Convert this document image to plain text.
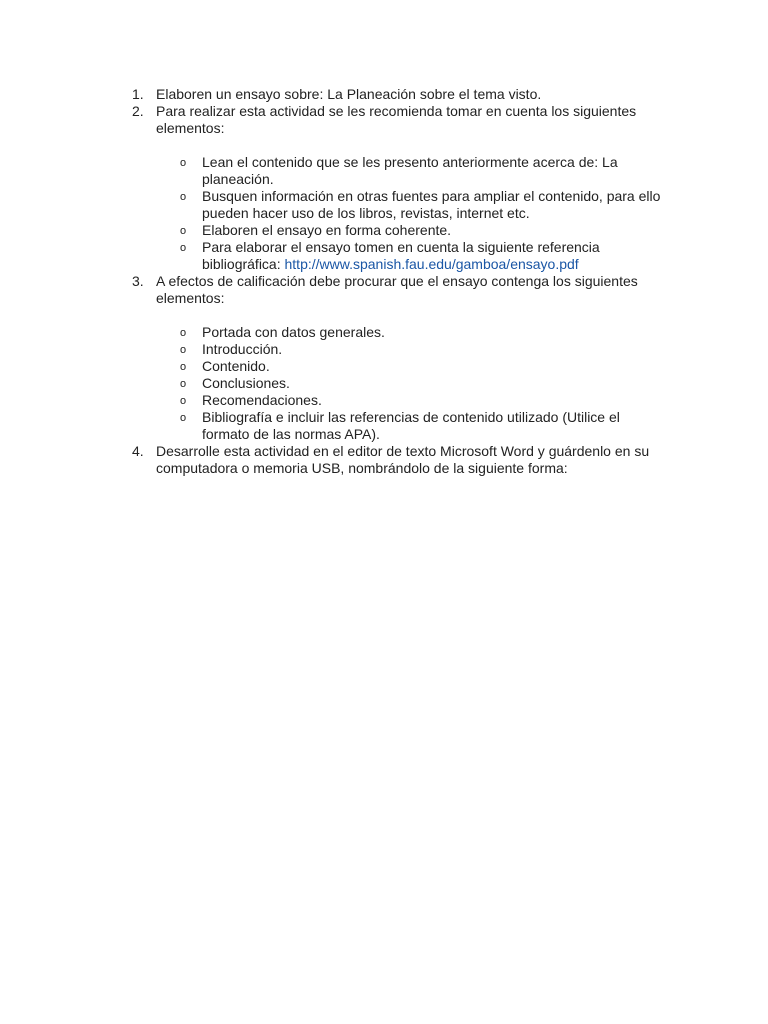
1. Elaboren un ensayo sobre: La Planeación sobre el tema visto.
2. Para realizar esta actividad se les recomienda tomar en cuenta los siguientes elementos:
o Lean el contenido que se les presento anteriormente acerca de: La planeación.
o Busquen información en otras fuentes para ampliar el contenido, para ello pueden hacer uso de los libros, revistas, internet etc.
o Elaboren el ensayo en forma coherente.
o Para elaborar el ensayo tomen en cuenta la siguiente referencia bibliográfica: http://www.spanish.fau.edu/gamboa/ensayo.pdf
3. A efectos de calificación debe procurar que el ensayo contenga los siguientes elementos:
o Portada con datos generales.
o Introducción.
o Contenido.
o Conclusiones.
o Recomendaciones.
o Bibliografía e incluir las referencias de contenido utilizado (Utilice el formato de las normas APA).
4. Desarrolle esta actividad en el editor de texto Microsoft Word y guárdenlo en su computadora o memoria USB, nombrándolo de la siguiente forma:
